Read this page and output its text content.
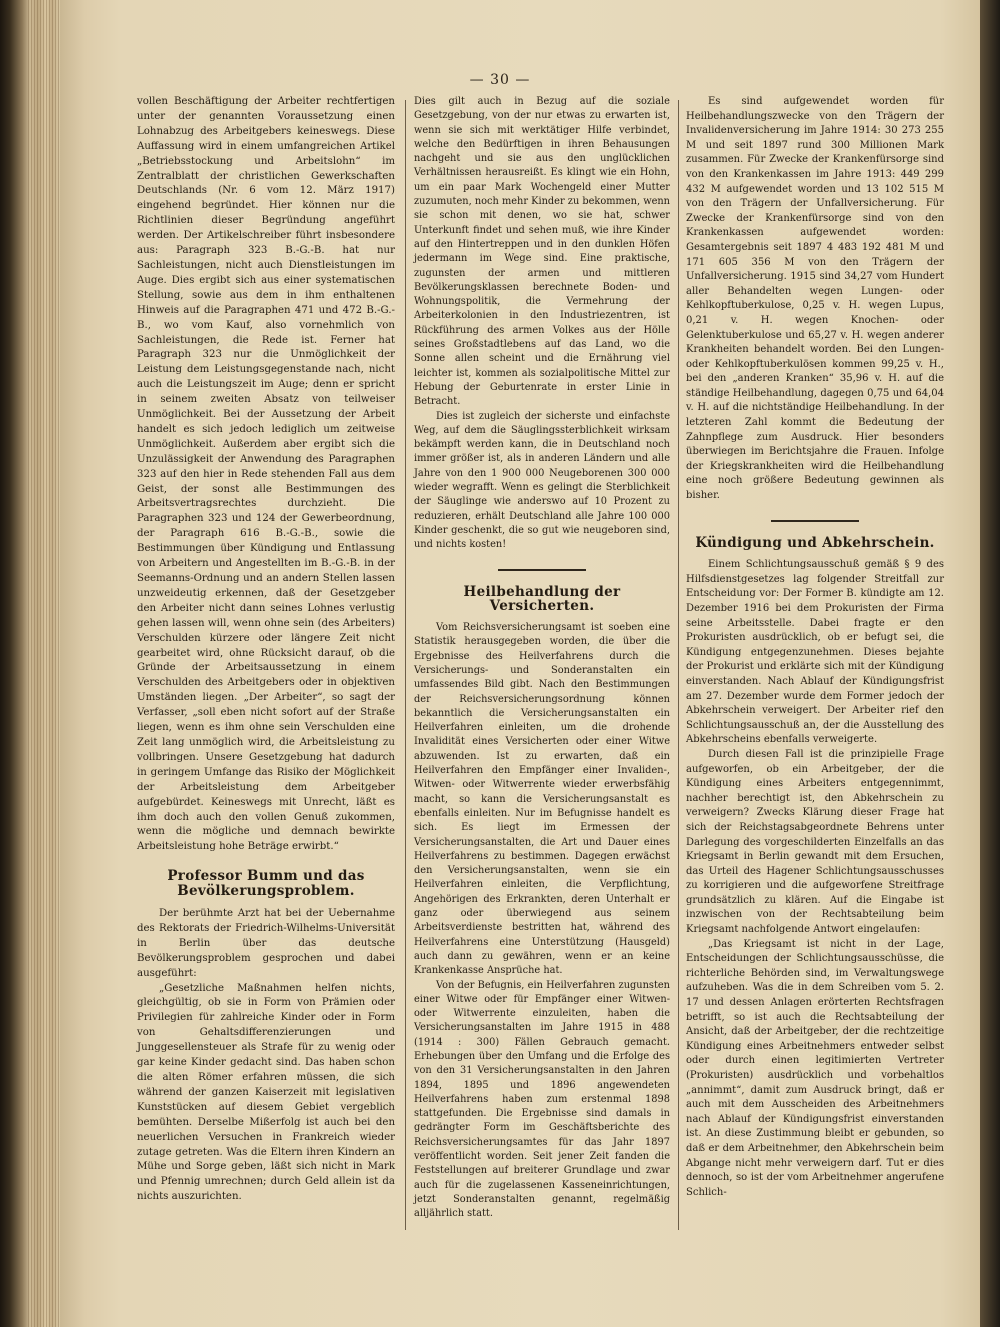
— 30 —

vollen Beschäftigung der Arbeiter rechtfertigen unter der genannten Voraussetzung einen Lohnabzug des Arbeitgebers keineswegs. Diese Auffassung wird in einem umfangreichen Artikel „Betriebsstockung und Arbeitslohn“ im Zentralblatt der christlichen Gewerkschaften Deutschlands (Nr. 6 vom 12. März 1917) eingehend begründet. Hier können nur die Richtlinien dieser Begründung angeführt werden. Der Artikelschreiber führt insbesondere aus: Paragraph 323 B.-G.-B. hat nur Sachleistungen, nicht auch Dienstleistungen im Auge. Dies ergibt sich aus einer systematischen Stellung, sowie aus dem in ihm enthaltenen Hinweis auf die Paragraphen 471 und 472 B.-G.-B., wo vom Kauf, also vornehmlich von Sachleistungen, die Rede ist. Ferner hat Paragraph 323 nur die Unmöglichkeit der Leistung dem Leistungsgegenstande nach, nicht auch die Leistungszeit im Auge; denn er spricht in seinem zweiten Absatz von teilweiser Unmöglichkeit. Bei der Aussetzung der Arbeit handelt es sich jedoch lediglich um zeitweise Unmöglichkeit. Außerdem aber ergibt sich die Unzulässigkeit der Anwendung des Paragraphen 323 auf den hier in Rede stehenden Fall aus dem Geist, der sonst alle Bestimmungen des Arbeitsvertragsrechtes durchzieht. Die Paragraphen 323 und 124 der Gewerbeordnung, der Paragraph 616 B.-G.-B., sowie die Bestimmungen über Kündigung und Entlassung von Arbeitern und Angestellten im B.-G.-B. in der Seemanns-Ordnung und an andern Stellen lassen unzweideutig erkennen, daß der Gesetzgeber den Arbeiter nicht dann seines Lohnes verlustig gehen lassen will, wenn ohne sein (des Arbeiters) Verschulden kürzere oder längere Zeit nicht gearbeitet wird, ohne Rücksicht darauf, ob die Gründe der Arbeitsaussetzung in einem Verschulden des Arbeitgebers oder in objektiven Umständen liegen. „Der Arbeiter“, so sagt der Verfasser, „soll eben nicht sofort auf der Straße liegen, wenn es ihm ohne sein Verschulden eine Zeit lang unmöglich wird, die Arbeitsleistung zu vollbringen. Unsere Gesetzgebung hat dadurch in geringem Umfange das Risiko der Möglichkeit der Arbeitsleistung dem Arbeitgeber aufgebürdet. Keineswegs mit Unrecht, läßt es ihm doch auch den vollen Genuß zukommen, wenn die mögliche und demnach bewirkte Arbeitsleistung hohe Beträge erwirbt.“

Professor Bumm und das
Bevölkerungsproblem.

Der berühmte Arzt hat bei der Uebernahme des Rektorats der Friedrich-Wilhelms-Universität in Berlin über das deutsche Bevölkerungsproblem gesprochen und dabei ausgeführt:

„Gesetzliche Maßnahmen helfen nichts, gleichgültig, ob sie in Form von Prämien oder Privilegien für zahlreiche Kinder oder in Form von Gehaltsdifferenzierungen und Junggesellensteuer als Strafe für zu wenig oder gar keine Kinder gedacht sind. Das haben schon die alten Römer erfahren müssen, die sich während der ganzen Kaiserzeit mit legislativen Kunststücken auf diesem Gebiet vergeblich bemühten. Derselbe Mißerfolg ist auch bei den neuerlichen Versuchen in Frankreich wieder zutage getreten. Was die Eltern ihren Kindern an Mühe und Sorge geben, läßt sich nicht in Mark und Pfennig umrechnen; durch Geld allein ist da nichts auszurichten.

Dies gilt auch in Bezug auf die soziale Gesetzgebung, von der nur etwas zu erwarten ist, wenn sie sich mit werktätiger Hilfe verbindet, welche den Bedürftigen in ihren Behausungen nachgeht und sie aus den unglücklichen Verhältnissen herausreißt. Es klingt wie ein Hohn, um ein paar Mark Wochengeld einer Mutter zuzumuten, noch mehr Kinder zu bekommen, wenn sie schon mit denen, wo sie hat, schwer Unterkunft findet und sehen muß, wie ihre Kinder auf den Hintertreppen und in den dunklen Höfen jedermann im Wege sind. Eine praktische, zugunsten der armen und mittleren Bevölkerungsklassen berechnete Boden- und Wohnungspolitik, die Vermehrung der Arbeiterkolonien in den Industriezentren, ist Rückführung des armen Volkes aus der Hölle seines Großstadtlebens auf das Land, wo die Sonne allen scheint und die Ernährung viel leichter ist, kommen als sozialpolitische Mittel zur Hebung der Geburtenrate in erster Linie in Betracht.

Dies ist zugleich der sicherste und einfachste Weg, auf dem die Säuglingssterblichkeit wirksam bekämpft werden kann, die in Deutschland noch immer größer ist, als in anderen Ländern und alle Jahre von den 1 900 000 Neugeborenen 300 000 wieder wegrafft. Wenn es gelingt die Sterblichkeit der Säuglinge wie anderswo auf 10 Prozent zu reduzieren, erhält Deutschland alle Jahre 100 000 Kinder geschenkt, die so gut wie neugeboren sind, und nichts kosten!

Heilbehandlung der Versicherten.

Vom Reichsversicherungsamt ist soeben eine Statistik herausgegeben worden, die über die Ergebnisse des Heilverfahrens durch die Versicherungs- und Sonderanstalten ein umfassendes Bild gibt. Nach den Bestimmungen der Reichsversicherungsordnung können bekanntlich die Versicherungsanstalten ein Heilverfahren einleiten, um die drohende Invalidität eines Versicherten oder einer Witwe abzuwenden. Ist zu erwarten, daß ein Heilverfahren den Empfänger einer Invaliden-, Witwen- oder Witwerrente wieder erwerbsfähig macht, so kann die Versicherungsanstalt es ebenfalls einleiten. Nur im Befugnisse handelt es sich. Es liegt im Ermessen der Versicherungsanstalten, die Art und Dauer eines Heilverfahrens zu bestimmen. Dagegen erwächst den Versicherungsanstalten, wenn sie ein Heilverfahren einleiten, die Verpflichtung, Angehörigen des Erkrankten, deren Unterhalt er ganz oder überwiegend aus seinem Arbeitsverdienste bestritten hat, während des Heilverfahrens eine Unterstützung (Hausgeld) auch dann zu gewähren, wenn er an keine Krankenkasse Ansprüche hat.

Von der Befugnis, ein Heilverfahren zugunsten einer Witwe oder für Empfänger einer Witwen- oder Witwerrente einzuleiten, haben die Versicherungsanstalten im Jahre 1915 in 488 (1914 : 300) Fällen Gebrauch gemacht. Erhebungen über den Umfang und die Erfolge des von den 31 Versicherungsanstalten in den Jahren 1894, 1895 und 1896 angewendeten Heilverfahrens haben zum erstenmal 1898 stattgefunden. Die Ergebnisse sind damals in gedrängter Form im Geschäftsberichte des Reichsversicherungsamtes für das Jahr 1897 veröffentlicht worden. Seit jener Zeit fanden die Feststellungen auf breiterer Grundlage und zwar auch für die zugelassenen Kasseneinrichtungen, jetzt Sonderanstalten genannt, regelmäßig alljährlich statt.

Es sind aufgewendet worden für Heilbehandlungszwecke von den Trägern der Invalidenversicherung im Jahre 1914: 30 273 255 M und seit 1897 rund 300 Millionen Mark zusammen. Für Zwecke der Krankenfürsorge sind von den Krankenkassen im Jahre 1913: 449 299 432 M aufgewendet worden und 13 102 515 M von den Trägern der Unfallversicherung. Für Zwecke der Krankenfürsorge sind von den Krankenkassen aufgewendet worden: Gesamtergebnis seit 1897 4 483 192 481 M und 171 605 356 M von den Trägern der Unfallversicherung. 1915 sind 34,27 vom Hundert aller Behandelten wegen Lungen- oder Kehlkopftuberkulose, 0,25 v. H. wegen Lupus, 0,21 v. H. wegen Knochen- oder Gelenktuberkulose und 65,27 v. H. wegen anderer Krankheiten behandelt worden. Bei den Lungen- oder Kehlkopftuberkulösen kommen 99,25 v. H., bei den „anderen Kranken“ 35,96 v. H. auf die ständige Heilbehandlung, dagegen 0,75 und 64,04 v. H. auf die nichtständige Heilbehandlung. In der letzteren Zahl kommt die Bedeutung der Zahnpflege zum Ausdruck. Hier besonders überwiegen im Berichtsjahre die Frauen. Infolge der Kriegskrankheiten wird die Heilbehandlung eine noch größere Bedeutung gewinnen als bisher.

Kündigung und Abkehrschein.

Einem Schlichtungsausschuß gemäß § 9 des Hilfsdienstgesetzes lag folgender Streitfall zur Entscheidung vor: Der Former B. kündigte am 12. Dezember 1916 bei dem Prokuristen der Firma seine Arbeitsstelle. Dabei fragte er den Prokuristen ausdrücklich, ob er befugt sei, die Kündigung entgegenzunehmen. Dieses bejahte der Prokurist und erklärte sich mit der Kündigung einverstanden. Nach Ablauf der Kündigungsfrist am 27. Dezember wurde dem Former jedoch der Abkehrschein verweigert. Der Arbeiter rief den Schlichtungsausschuß an, der die Ausstellung des Abkehrscheins ebenfalls verweigerte.

Durch diesen Fall ist die prinzipielle Frage aufgeworfen, ob ein Arbeitgeber, der die Kündigung eines Arbeiters entgegennimmt, nachher berechtigt ist, den Abkehrschein zu verweigern? Zwecks Klärung dieser Frage hat sich der Reichstagsabgeordnete Behrens unter Darlegung des vorgeschilderten Einzelfalls an das Kriegsamt in Berlin gewandt mit dem Ersuchen, das Urteil des Hagener Schlichtungsausschusses zu korrigieren und die aufgeworfene Streitfrage grundsätzlich zu klären. Auf die Eingabe ist inzwischen von der Rechtsabteilung beim Kriegsamt nachfolgende Antwort eingelaufen:

„Das Kriegsamt ist nicht in der Lage, Entscheidungen der Schlichtungsausschüsse, die richterliche Behörden sind, im Verwaltungswege aufzuheben. Was die in dem Schreiben vom 5. 2. 17 und dessen Anlagen erörterten Rechtsfragen betrifft, so ist auch die Rechtsabteilung der Ansicht, daß der Arbeitgeber, der die rechtzeitige Kündigung eines Arbeitnehmers entweder selbst oder durch einen legitimierten Vertreter (Prokuristen) ausdrücklich und vorbehaltlos „annimmt“, damit zum Ausdruck bringt, daß er auch mit dem Ausscheiden des Arbeitnehmers nach Ablauf der Kündigungsfrist einverstanden ist. An diese Zustimmung bleibt er gebunden, so daß er dem Arbeitnehmer, den Abkehrschein beim Abgange nicht mehr verweigern darf. Tut er dies dennoch, so ist der vom Arbeitnehmer angerufene Schlich-
